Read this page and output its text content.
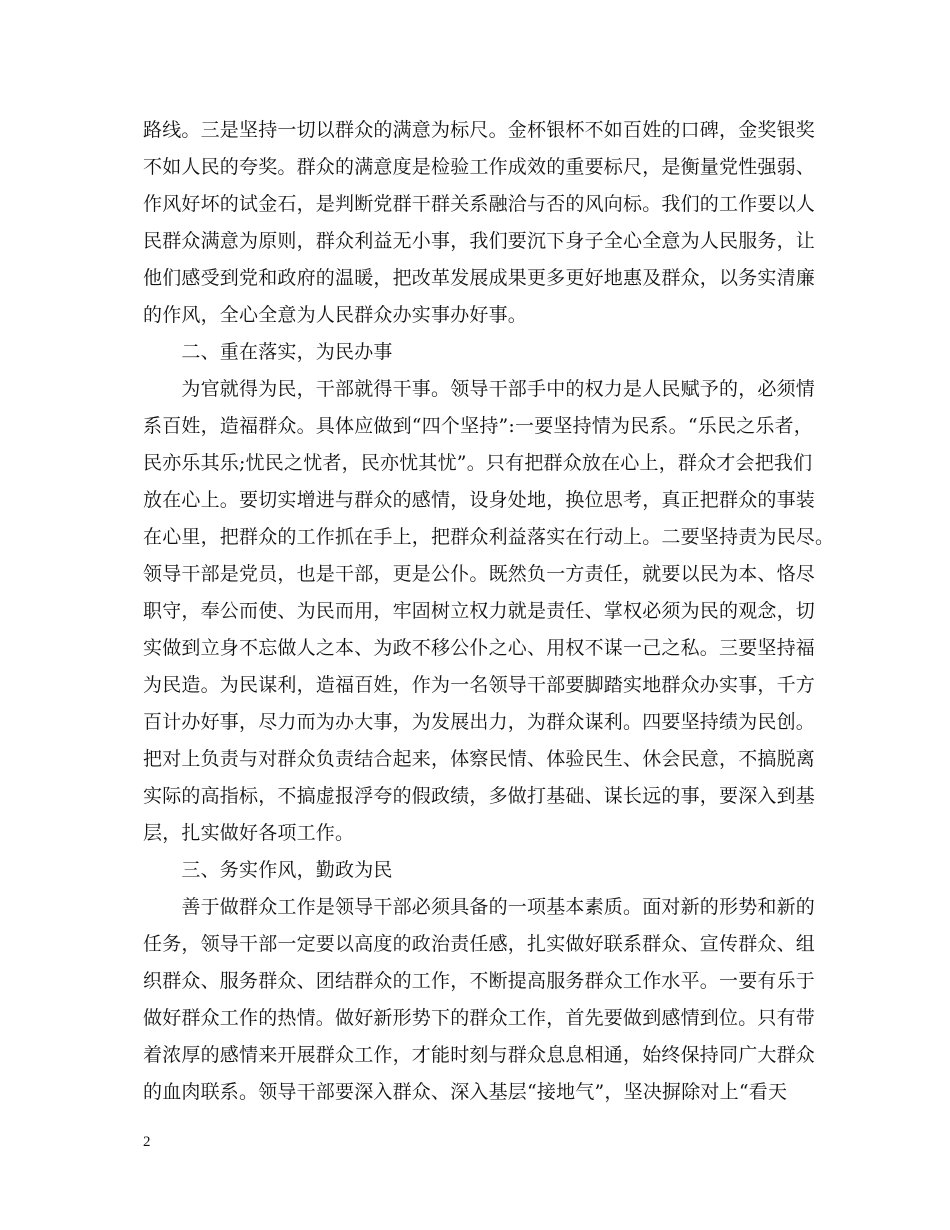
路线。三是坚持一切以群众的满意为标尺。金杯银杯不如百姓的口碑，金奖银奖
不如人民的夸奖。群众的满意度是检验工作成效的重要标尺，是衡量党性强弱、
作风好坏的试金石，是判断党群干群关系融洽与否的风向标。我们的工作要以人
民群众满意为原则，群众利益无小事，我们要沉下身子全心全意为人民服务，让
他们感受到党和政府的温暖，把改革发展成果更多更好地惠及群众，以务实清廉
的作风，全心全意为人民群众办实事办好事。
　　二、重在落实，为民办事
　　为官就得为民，干部就得干事。领导干部手中的权力是人民赋予的，必须情
系百姓，造福群众。具体应做到“四个坚持”:一要坚持情为民系。“乐民之乐者，
民亦乐其乐;忧民之忧者，民亦忧其忧”。只有把群众放在心上，群众才会把我们
放在心上。要切实增进与群众的感情，设身处地，换位思考，真正把群众的事装
在心里，把群众的工作抓在手上，把群众利益落实在行动上。二要坚持责为民尽。
领导干部是党员，也是干部，更是公仆。既然负一方责任，就要以民为本、恪尽
职守，奉公而使、为民而用，牢固树立权力就是责任、掌权必须为民的观念，切
实做到立身不忘做人之本、为政不移公仆之心、用权不谋一己之私。三要坚持福
为民造。为民谋利，造福百姓，作为一名领导干部要脚踏实地群众办实事，千方
百计办好事，尽力而为办大事，为发展出力，为群众谋利。四要坚持绩为民创。
把对上负责与对群众负责结合起来，体察民情、体验民生、休会民意，不搞脱离
实际的高指标，不搞虚报浮夸的假政绩，多做打基础、谋长远的事，要深入到基
层，扎实做好各项工作。
　　三、务实作风，勤政为民
　　善于做群众工作是领导干部必须具备的一项基本素质。面对新的形势和新的
任务，领导干部一定要以高度的政治责任感，扎实做好联系群众、宣传群众、组
织群众、服务群众、团结群众的工作，不断提高服务群众工作水平。一要有乐于
做好群众工作的热情。做好新形势下的群众工作，首先要做到感情到位。只有带
着浓厚的感情来开展群众工作，才能时刻与群众息息相通，始终保持同广大群众
的血肉联系。领导干部要深入群众、深入基层“接地气”，坚决摒除对上“看天
2
